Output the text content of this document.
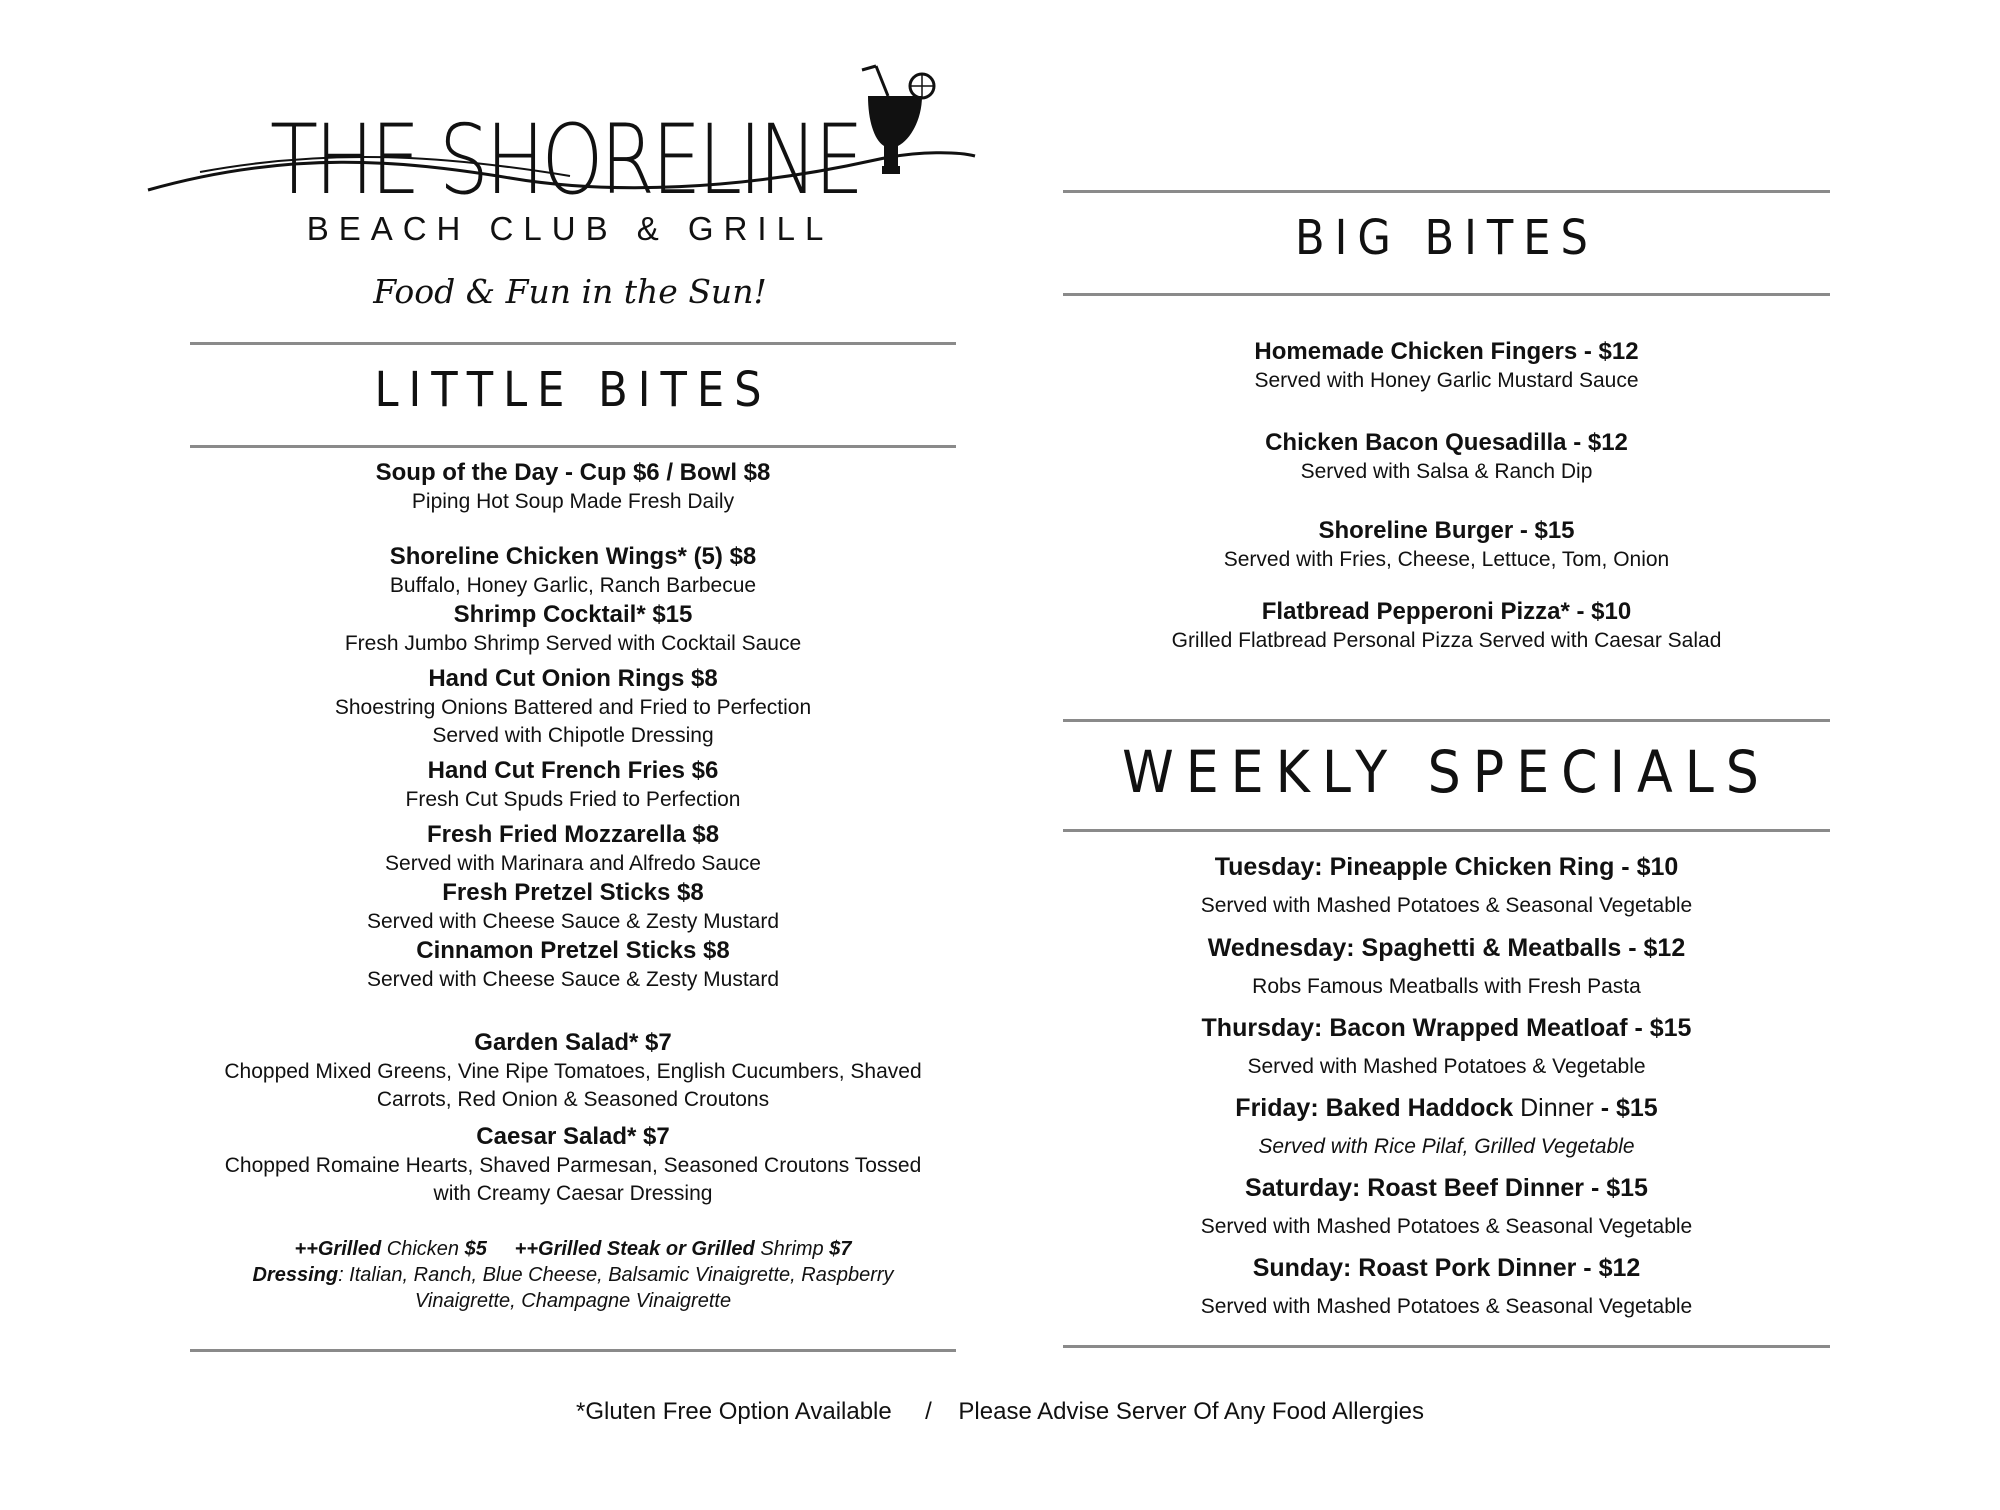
THE SHORELINE
BEACH CLUB & GRILL
Food & Fun in the Sun!
LITTLE BITES
Soup of the Day - Cup $6 / Bowl $8
Piping Hot Soup Made Fresh Daily
Shoreline Chicken Wings* (5) $8
Buffalo, Honey Garlic, Ranch Barbecue
Shrimp Cocktail* $15
Fresh Jumbo Shrimp Served with Cocktail Sauce
Hand Cut Onion Rings $8
Shoestring Onions Battered and Fried to Perfection
Served with Chipotle Dressing
Hand Cut French Fries $6
Fresh Cut Spuds Fried to Perfection
Fresh Fried Mozzarella $8
Served with Marinara and Alfredo Sauce
Fresh Pretzel Sticks $8
Served with Cheese Sauce & Zesty Mustard
Cinnamon Pretzel Sticks $8
Served with Cheese Sauce & Zesty Mustard
Garden Salad* $7
Chopped Mixed Greens, Vine Ripe Tomatoes, English Cucumbers, Shaved
Carrots, Red Onion & Seasoned Croutons
Caesar Salad* $7
Chopped Romaine Hearts, Shaved Parmesan, Seasoned Croutons Tossed
with Creamy Caesar Dressing
++Grilled Chicken $5 ++Grilled Steak or Grilled Shrimp $7
Dressing: Italian, Ranch, Blue Cheese, Balsamic Vinaigrette, Raspberry
Vinaigrette, Champagne Vinaigrette
BIG BITES
Homemade Chicken Fingers - $12
Served with Honey Garlic Mustard Sauce
Chicken Bacon Quesadilla - $12
Served with Salsa & Ranch Dip
Shoreline Burger - $15
Served with Fries, Cheese, Lettuce, Tom, Onion
Flatbread Pepperoni Pizza* - $10
Grilled Flatbread Personal Pizza Served with Caesar Salad
WEEKLY SPECIALS
Tuesday: Pineapple Chicken Ring - $10
Served with Mashed Potatoes & Seasonal Vegetable
Wednesday: Spaghetti & Meatballs - $12
Robs Famous Meatballs with Fresh Pasta
Thursday: Bacon Wrapped Meatloaf - $15
Served with Mashed Potatoes & Vegetable
Friday: Baked Haddock Dinner - $15
Served with Rice Pilaf, Grilled Vegetable
Saturday: Roast Beef Dinner - $15
Served with Mashed Potatoes & Seasonal Vegetable
Sunday: Roast Pork Dinner - $12
Served with Mashed Potatoes & Seasonal Vegetable
*Gluten Free Option Available / Please Advise Server Of Any Food Allergies
